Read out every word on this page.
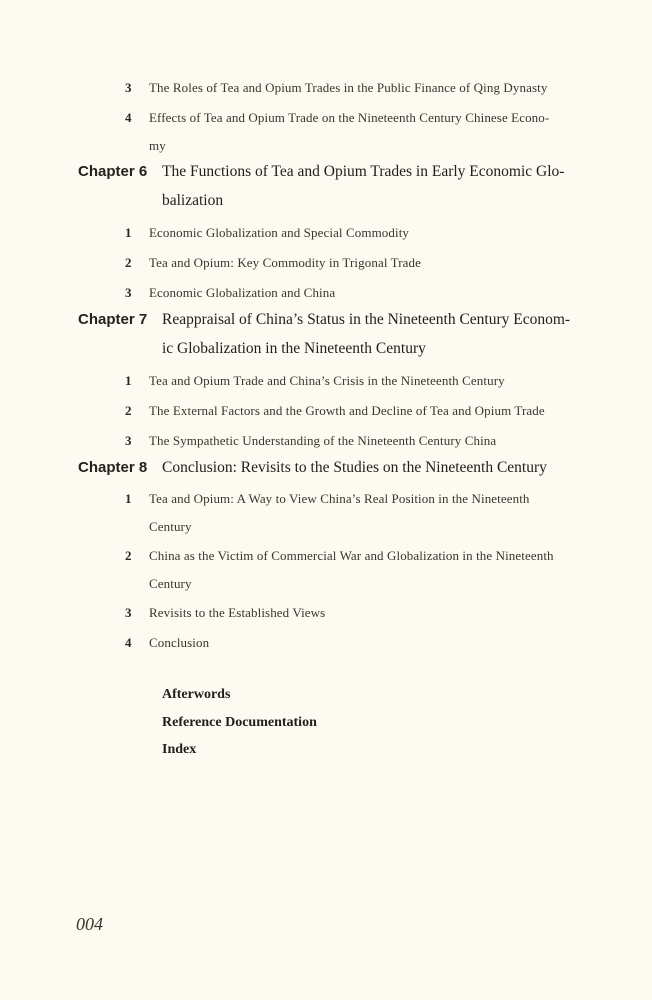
3 The Roles of Tea and Opium Trades in the Public Finance of Qing Dynasty
4 Effects of Tea and Opium Trade on the Nineteenth Century Chinese Econo-
my
Chapter 6 The Functions of Tea and Opium Trades in Early Economic Glo-
balization
1 Economic Globalization and Special Commodity
2 Tea and Opium: Key Commodity in Trigonal Trade
3 Economic Globalization and China
Chapter 7 Reappraisal of China’s Status in the Nineteenth Century Econom-
ic Globalization in the Nineteenth Century
1 Tea and Opium Trade and China’s Crisis in the Nineteenth Century
2 The External Factors and the Growth and Decline of Tea and Opium Trade
3 The Sympathetic Understanding of the Nineteenth Century China
Chapter 8 Conclusion: Revisits to the Studies on the Nineteenth Century
1 Tea and Opium: A Way to View China’s Real Position in the Nineteenth
Century
2 China as the Victim of Commercial War and Globalization in the Nineteenth
Century
3 Revisits to the Established Views
4 Conclusion
Afterwords
Reference Documentation
Index
004
